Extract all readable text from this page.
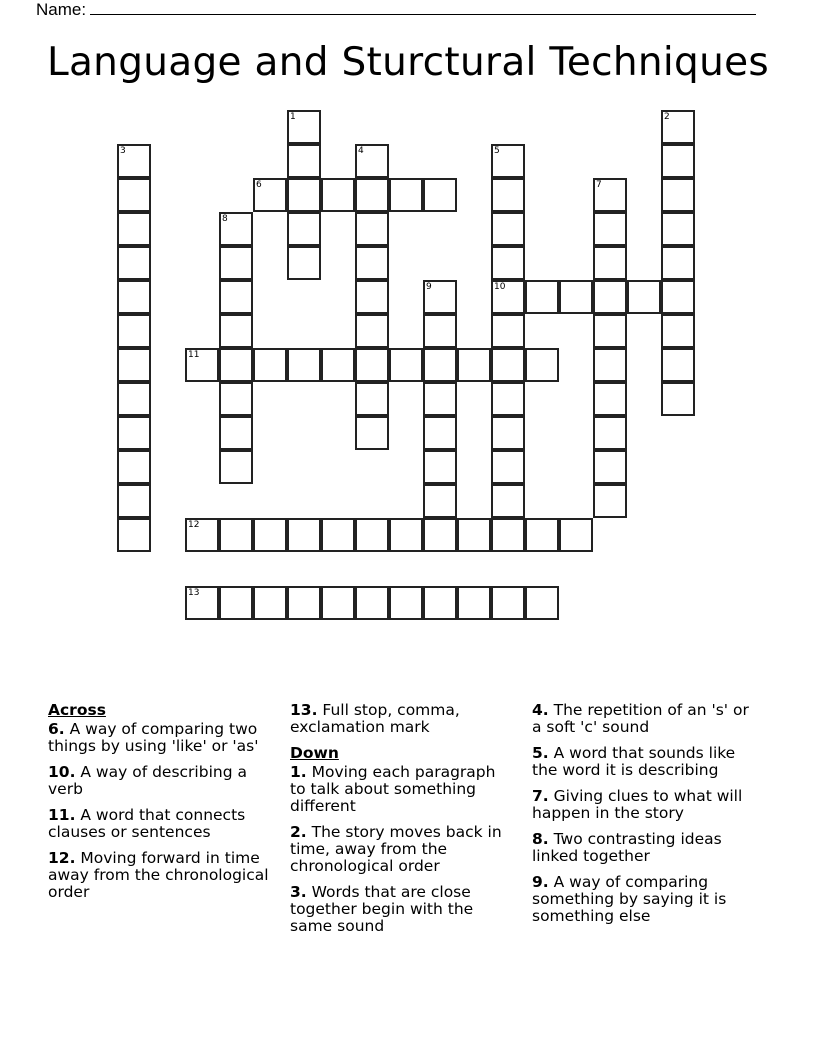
Name:
Language and Sturctural Techniques
1	2
3	4	5
10
6	7
8
9
11
12
13
Across
6. A way of comparing two things by using 'like' or 'as'
10. A way of describing a verb
11. A word that connects clauses or sentences
12. Moving forward in time away from the chronological order
13. Full stop, comma, exclamation mark
Down
1. Moving each paragraph to talk about something different
2. The story moves back in time, away from the chronological order
3. Words that are close together begin with the same sound
4. The repetition of an 's' or a soft 'c' sound
5. A word that sounds like the word it is describing
7. Giving clues to what will happen in the story
8. Two contrasting ideas linked together
9. A way of comparing something by saying it is something else
